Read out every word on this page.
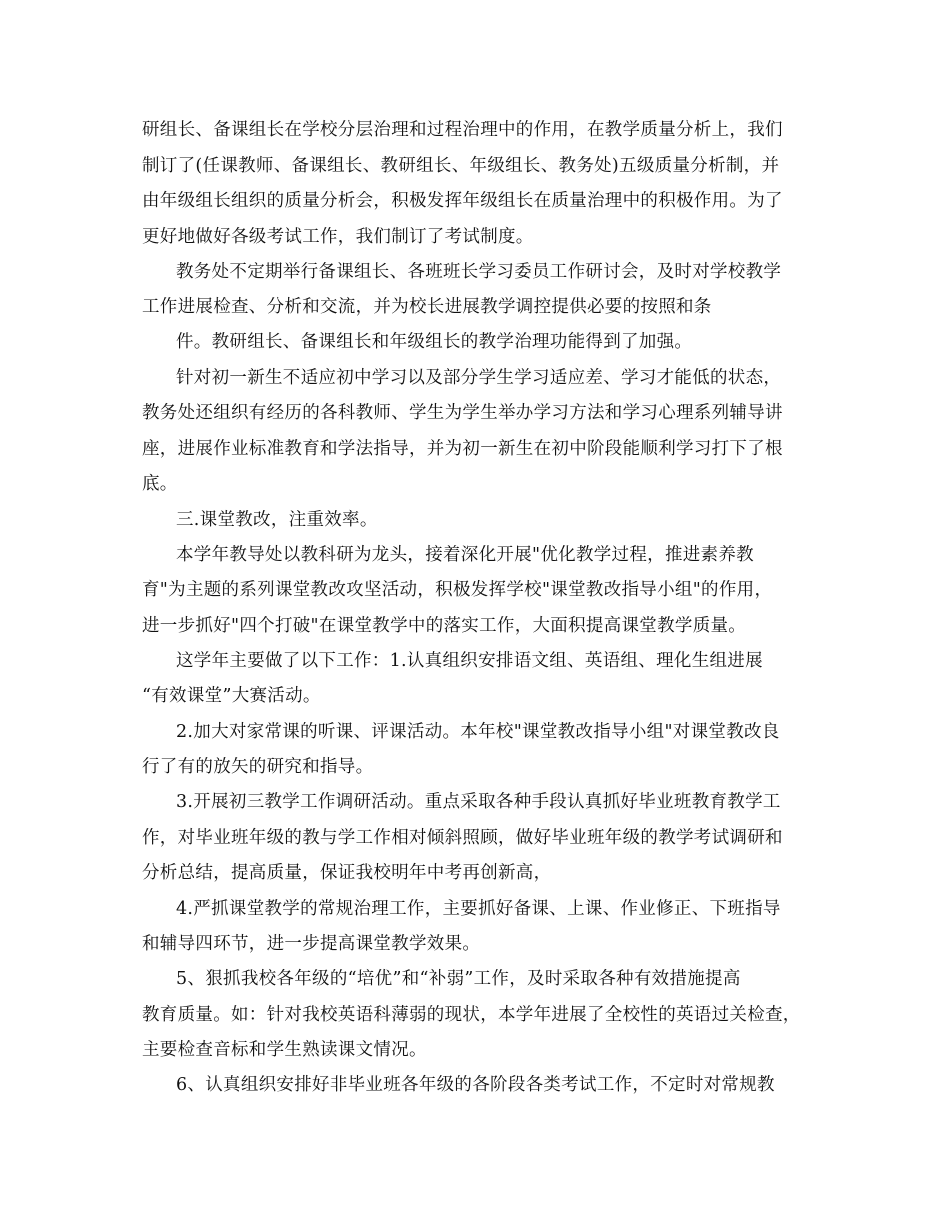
研组长、备课组长在学校分层治理和过程治理中的作用，在教学质量分析上，我们
制订了(任课教师、备课组长、教研组长、年级组长、教务处)五级质量分析制，并
由年级组长组织的质量分析会，积极发挥年级组长在质量治理中的积极作用。为了
更好地做好各级考试工作，我们制订了考试制度。
教务处不定期举行备课组长、各班班长学习委员工作研讨会，及时对学校教学
工作进展检查、分析和交流，并为校长进展教学调控提供必要的按照和条
件。教研组长、备课组长和年级组长的教学治理功能得到了加强。
针对初一新生不适应初中学习以及部分学生学习适应差、学习才能低的状态，
教务处还组织有经历的各科教师、学生为学生举办学习方法和学习心理系列辅导讲
座，进展作业标准教育和学法指导，并为初一新生在初中阶段能顺利学习打下了根
底。
三.课堂教改，注重效率。
本学年教导处以教科研为龙头，接着深化开展"优化教学过程，推进素养教
育"为主题的系列课堂教改攻坚活动，积极发挥学校"课堂教改指导小组"的作用，
进一步抓好"四个打破"在课堂教学中的落实工作，大面积提高课堂教学质量。
这学年主要做了以下工作：1.认真组织安排语文组、英语组、理化生组进展
“有效课堂”大赛活动。
2.加大对家常课的听课、评课活动。本年校"课堂教改指导小组"对课堂教改良
行了有的放矢的研究和指导。
3.开展初三教学工作调研活动。重点采取各种手段认真抓好毕业班教育教学工
作，对毕业班年级的教与学工作相对倾斜照顾，做好毕业班年级的教学考试调研和
分析总结，提高质量，保证我校明年中考再创新高，
4.严抓课堂教学的常规治理工作，主要抓好备课、上课、作业修正、下班指导
和辅导四环节，进一步提高课堂教学效果。
5、狠抓我校各年级的“培优”和“补弱”工作，及时采取各种有效措施提高
教育质量。如：针对我校英语科薄弱的现状，本学年进展了全校性的英语过关检查，
主要检查音标和学生熟读课文情况。
6、认真组织安排好非毕业班各年级的各阶段各类考试工作，不定时对常规教
